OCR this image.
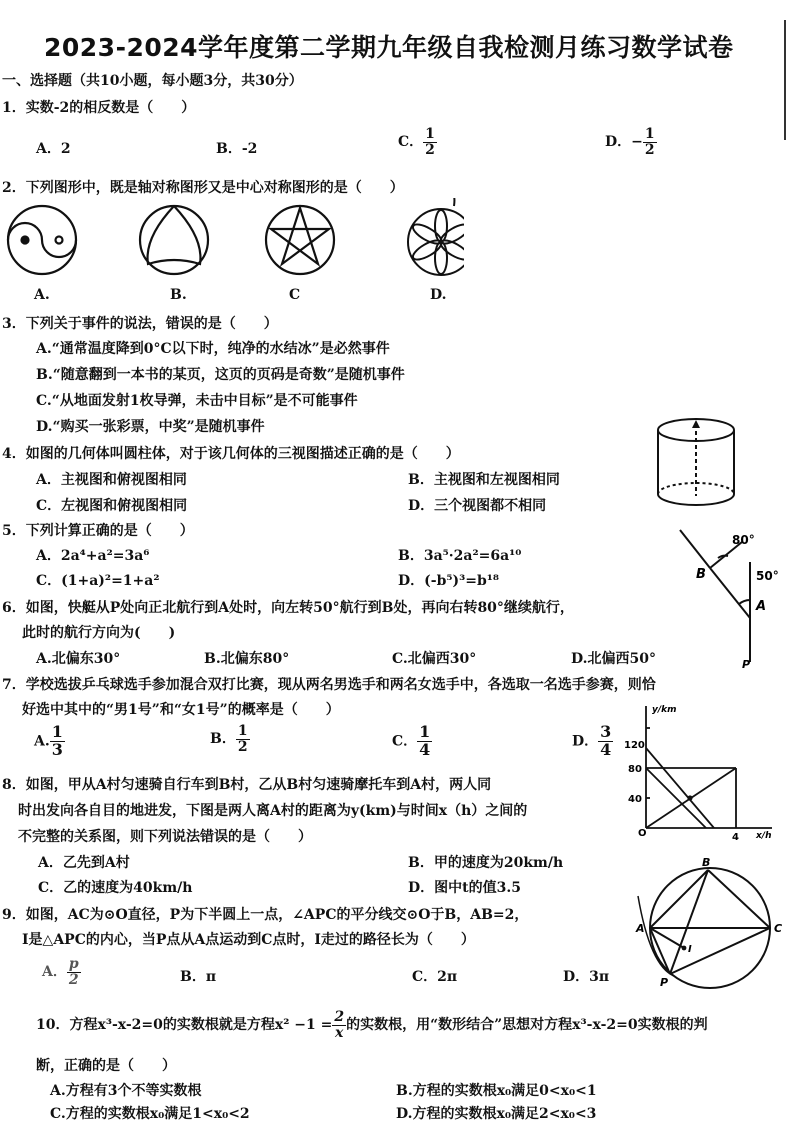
2023-2024学年度第二学期九年级自我检测月练习数学试卷
一、选择题（共10小题，每小题3分，共30分）
1．实数-2的相反数是（　　）
A．2	B．-2	C． $\frac{1}{2}$	D．− $\frac{1}{2}$
2．下列图形中，既是轴对称图形又是中心对称图形的是（　　）
A.	B.	C	D.
3．下列关于事件的说法，错误的是（　　）
A.“通常温度降到0°C以下时，纯净的水结冰”是必然事件
B.“随意翻到一本书的某页，这页的页码是奇数”是随机事件
C.“从地面发射1枚导弹，未击中目标”是不可能事件
D.“购买一张彩票，中奖”是随机事件
4．如图的几何体叫圆柱体，对于该几何体的三视图描述正确的是（　　）
A．主视图和俯视图相同	B．主视图和左视图相同
C．左视图和俯视图相同	D．三个视图都不相同
5．下列计算正确的是（　　）
A．2a⁴+a²=3a⁶	B．3a⁵·2a²=6a¹⁰
C．(1+a)²=1+a²	D．(-b⁵)³=b¹⁸
80°
50°
B
A
P
6．如图，快艇从P处向正北航行到A处时，向左转50°航行到B处，再向右转80°继续航行，
此时的航行方向为(　　)
A.北偏东30°	B.北偏东80°	C.北偏西30°	D.北偏西50°
7．学校选拔乒乓球选手参加混合双打比赛，现从两名男选手和两名女选手中，各选取一名选手参赛，则恰
好选中其中的“男1号”和“女1号”的概率是（　　）
A. $\frac{1}{3}$	B． $\frac{1}{2}$	C． $\frac{1}{4}$	D． $\frac{3}{4}$
y/km
x/h
120
80
40
O	4
8．如图，甲从A村匀速骑自行车到B村，乙从B村匀速骑摩托车到A村，两人同
时出发向各自目的地进发，下图是两人离A村的距离为y(km)与时间x（h）之间的
不完整的关系图，则下列说法错误的是（　　）
A．乙先到A村	B．甲的速度为20km/h
C．乙的速度为40km/h	D．图中t的值3.5
B
A	C
P
I
9．如图，AC为⊙O直径，P为下半圆上一点，∠APC的平分线交⊙O于B，AB=2，
I是△APC的内心，当P点从A点运动到C点时，I走过的路径长为（　　）
A． $\frac{p}{2}$	B．π	C．2π	D．3π
10．方程x³-x-2=0的实数根就是方程$x^2 -1 = \frac{2}{x}$ 的实数根，用“数形结合”思想对方程x³-x-2=0实数根的判
断，正确的是（　　）
A.方程有3个不等实数根	B.方程的实数根x₀满足0<x₀<1
C.方程的实数根x₀满足1<x₀<2	D.方程的实数根x₀满足2<x₀<3
